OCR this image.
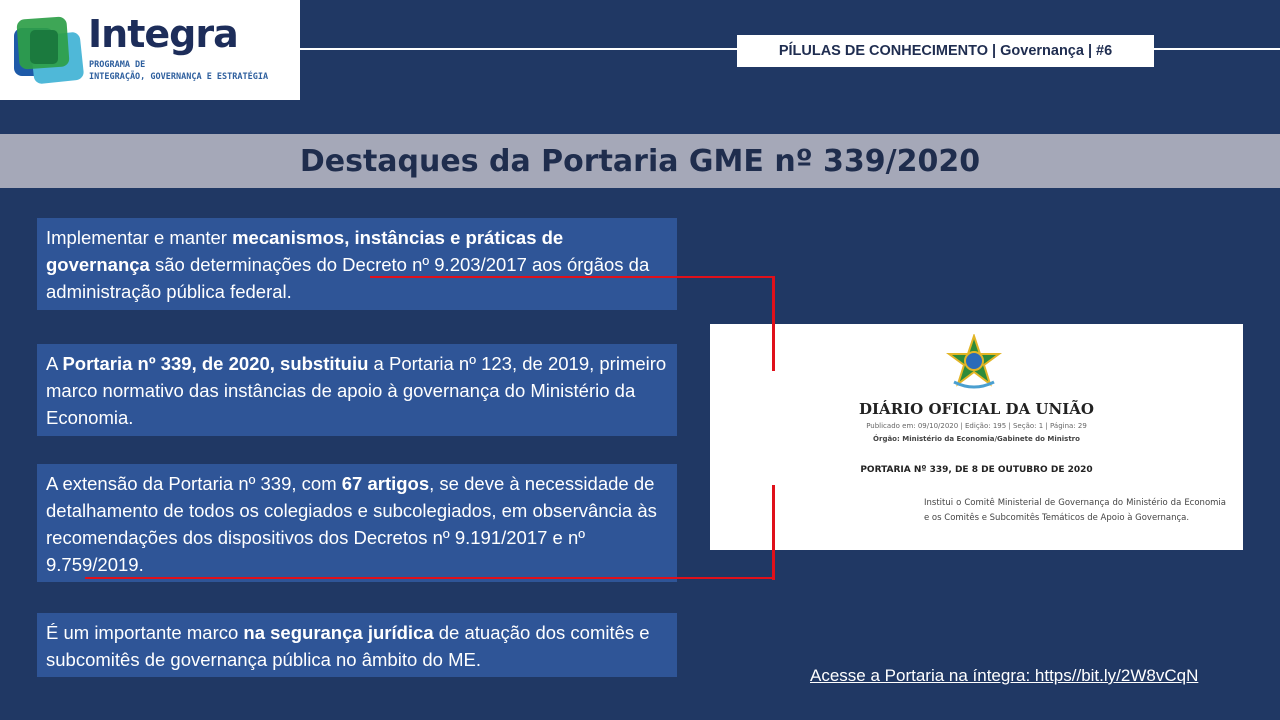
Integra
PROGRAMA DE
INTEGRAÇÃO, GOVERNANÇA E ESTRATÉGIA
PÍLULAS DE CONHECIMENTO | Governança | #6
Destaques da Portaria GME nº 339/2020
Implementar e manter mecanismos, instâncias e práticas de governança são determinações do Decreto nº 9.203/2017 aos órgãos da administração pública federal.
A Portaria nº 339, de 2020, substituiu a Portaria nº 123, de 2019, primeiro marco normativo das instâncias de apoio à governança do Ministério da Economia.
A extensão da Portaria nº 339, com 67 artigos, se deve à necessidade de detalhamento de todos os colegiados e subcolegiados, em observância às recomendações dos dispositivos dos Decretos nº 9.191/2017 e nº 9.759/2019.
É um importante marco na segurança jurídica de atuação dos comitês e subcomitês de governança pública no âmbito do ME.
DIÁRIO OFICIAL DA UNIÃO
Publicado em: 09/10/2020 | Edição: 195 | Seção: 1 | Página: 29
Órgão: Ministério da Economia/Gabinete do Ministro
PORTARIA Nº 339, DE 8 DE OUTUBRO DE 2020
Institui o Comitê Ministerial de Governança do Ministério da Economia e os Comitês e Subcomitês Temáticos de Apoio à Governança.
Acesse a Portaria na íntegra: https//bit.ly/2W8vCqN
